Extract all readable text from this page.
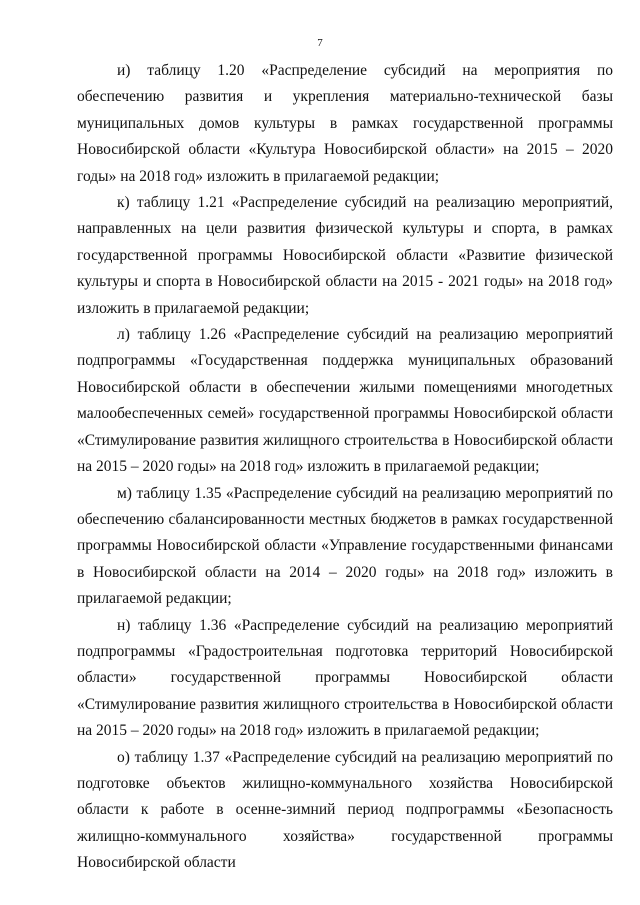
7

и) таблицу 1.20 «Распределение субсидий на мероприятия по обеспечению развития и укрепления материально-технической базы муниципальных домов культуры в рамках государственной программы Новосибирской области «Культура Новосибирской области» на 2015 – 2020 годы» на 2018 год» изложить в прилагаемой редакции;

к) таблицу 1.21 «Распределение субсидий на реализацию мероприятий, направленных на цели развития физической культуры и спорта, в рамках государственной программы Новосибирской области «Развитие физической культуры и спорта в Новосибирской области на 2015 - 2021 годы» на 2018 год» изложить в прилагаемой редакции;

л) таблицу 1.26 «Распределение субсидий на реализацию мероприятий подпрограммы «Государственная поддержка муниципальных образований Новосибирской области в обеспечении жилыми помещениями многодетных малообеспеченных семей» государственной программы Новосибирской области «Стимулирование развития жилищного строительства в Новосибирской области на 2015 – 2020 годы» на 2018 год» изложить в прилагаемой редакции;

м) таблицу 1.35 «Распределение субсидий на реализацию мероприятий по обеспечению сбалансированности местных бюджетов в рамках государственной программы Новосибирской области «Управление государственными финансами в Новосибирской области на 2014 – 2020 годы» на 2018 год» изложить в прилагаемой редакции;

н) таблицу 1.36 «Распределение субсидий на реализацию мероприятий подпрограммы «Градостроительная подготовка территорий Новосибирской области» государственной программы Новосибирской области «Стимулирование развития жилищного строительства в Новосибирской области на 2015 – 2020 годы» на 2018 год» изложить в прилагаемой редакции;

о) таблицу 1.37 «Распределение субсидий на реализацию мероприятий по подготовке объектов жилищно-коммунального хозяйства Новосибирской области к работе в осенне-зимний период подпрограммы «Безопасность жилищно-коммунального хозяйства» государственной программы Новосибирской области
